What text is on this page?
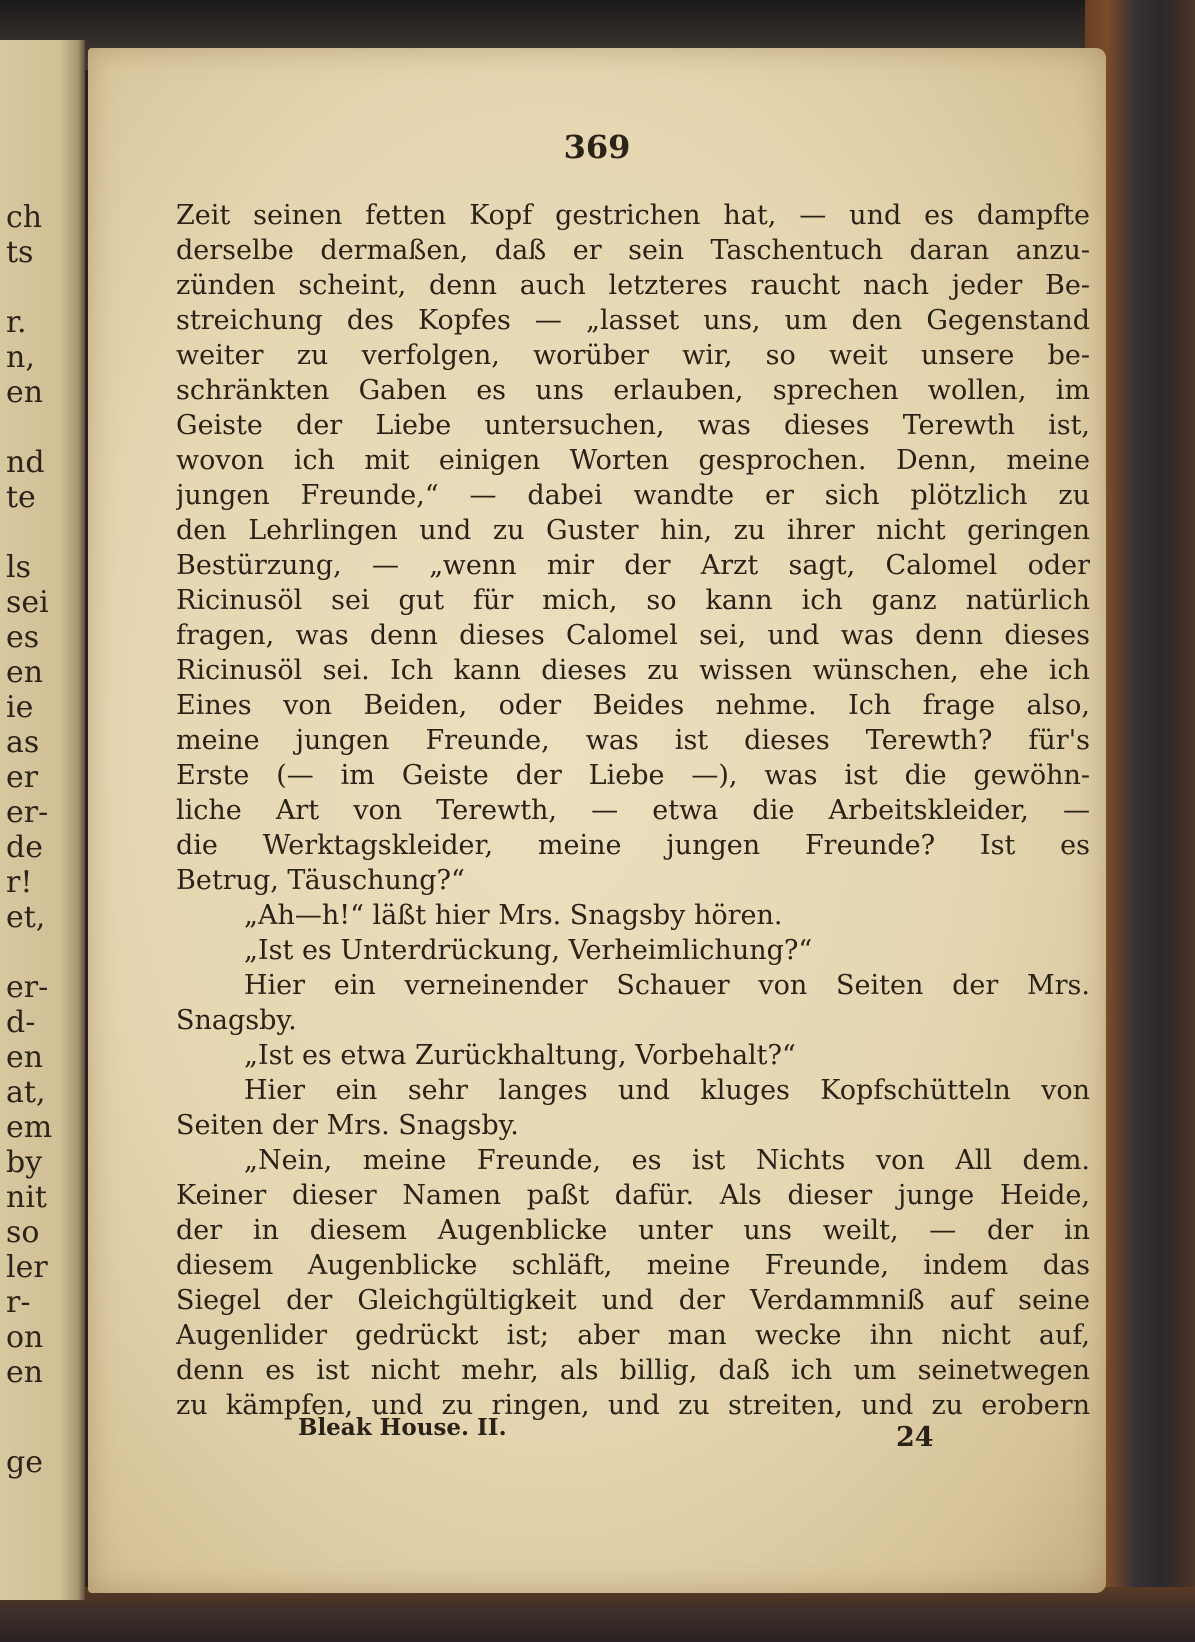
ch
ts
r.
n,
en
nd
te
ls
sei
es
en
ie
as
er
er-
de
r!
et,
er-
d-
en
at,
em
by
nit
so
ler
r-
on
en
ge
369
Zeit seinen fetten Kopf gestrichen hat, — und es dampfte
derselbe dermaßen, daß er sein Taschentuch daran anzu-
zünden scheint, denn auch letzteres raucht nach jeder Be-
streichung des Kopfes — „lasset uns, um den Gegenstand
weiter zu verfolgen, worüber wir, so weit unsere be-
schränkten Gaben es uns erlauben, sprechen wollen, im
Geiste der Liebe untersuchen, was dieses Terewth ist,
wovon ich mit einigen Worten gesprochen. Denn, meine
jungen Freunde,“ — dabei wandte er sich plötzlich zu
den Lehrlingen und zu Guster hin, zu ihrer nicht geringen
Bestürzung, — „wenn mir der Arzt sagt, Calomel oder
Ricinusöl sei gut für mich, so kann ich ganz natürlich
fragen, was denn dieses Calomel sei, und was denn dieses
Ricinusöl sei. Ich kann dieses zu wissen wünschen, ehe ich
Eines von Beiden, oder Beides nehme. Ich frage also,
meine jungen Freunde, was ist dieses Terewth? für's
Erste (— im Geiste der Liebe —), was ist die gewöhn-
liche Art von Terewth, — etwa die Arbeitskleider, —
die Werktagskleider, meine jungen Freunde? Ist es
Betrug, Täuschung?“
„Ah—h!“ läßt hier Mrs. Snagsby hören.
„Ist es Unterdrückung, Verheimlichung?“
Hier ein verneinender Schauer von Seiten der Mrs.
Snagsby.
„Ist es etwa Zurückhaltung, Vorbehalt?“
Hier ein sehr langes und kluges Kopfschütteln von
Seiten der Mrs. Snagsby.
„Nein, meine Freunde, es ist Nichts von All dem.
Keiner dieser Namen paßt dafür. Als dieser junge Heide,
der in diesem Augenblicke unter uns weilt, — der in
diesem Augenblicke schläft, meine Freunde, indem das
Siegel der Gleichgültigkeit und der Verdammniß auf seine
Augenlider gedrückt ist; aber man wecke ihn nicht auf,
denn es ist nicht mehr, als billig, daß ich um seinetwegen
zu kämpfen, und zu ringen, und zu streiten, und zu erobern
Bleak House. II.	24
